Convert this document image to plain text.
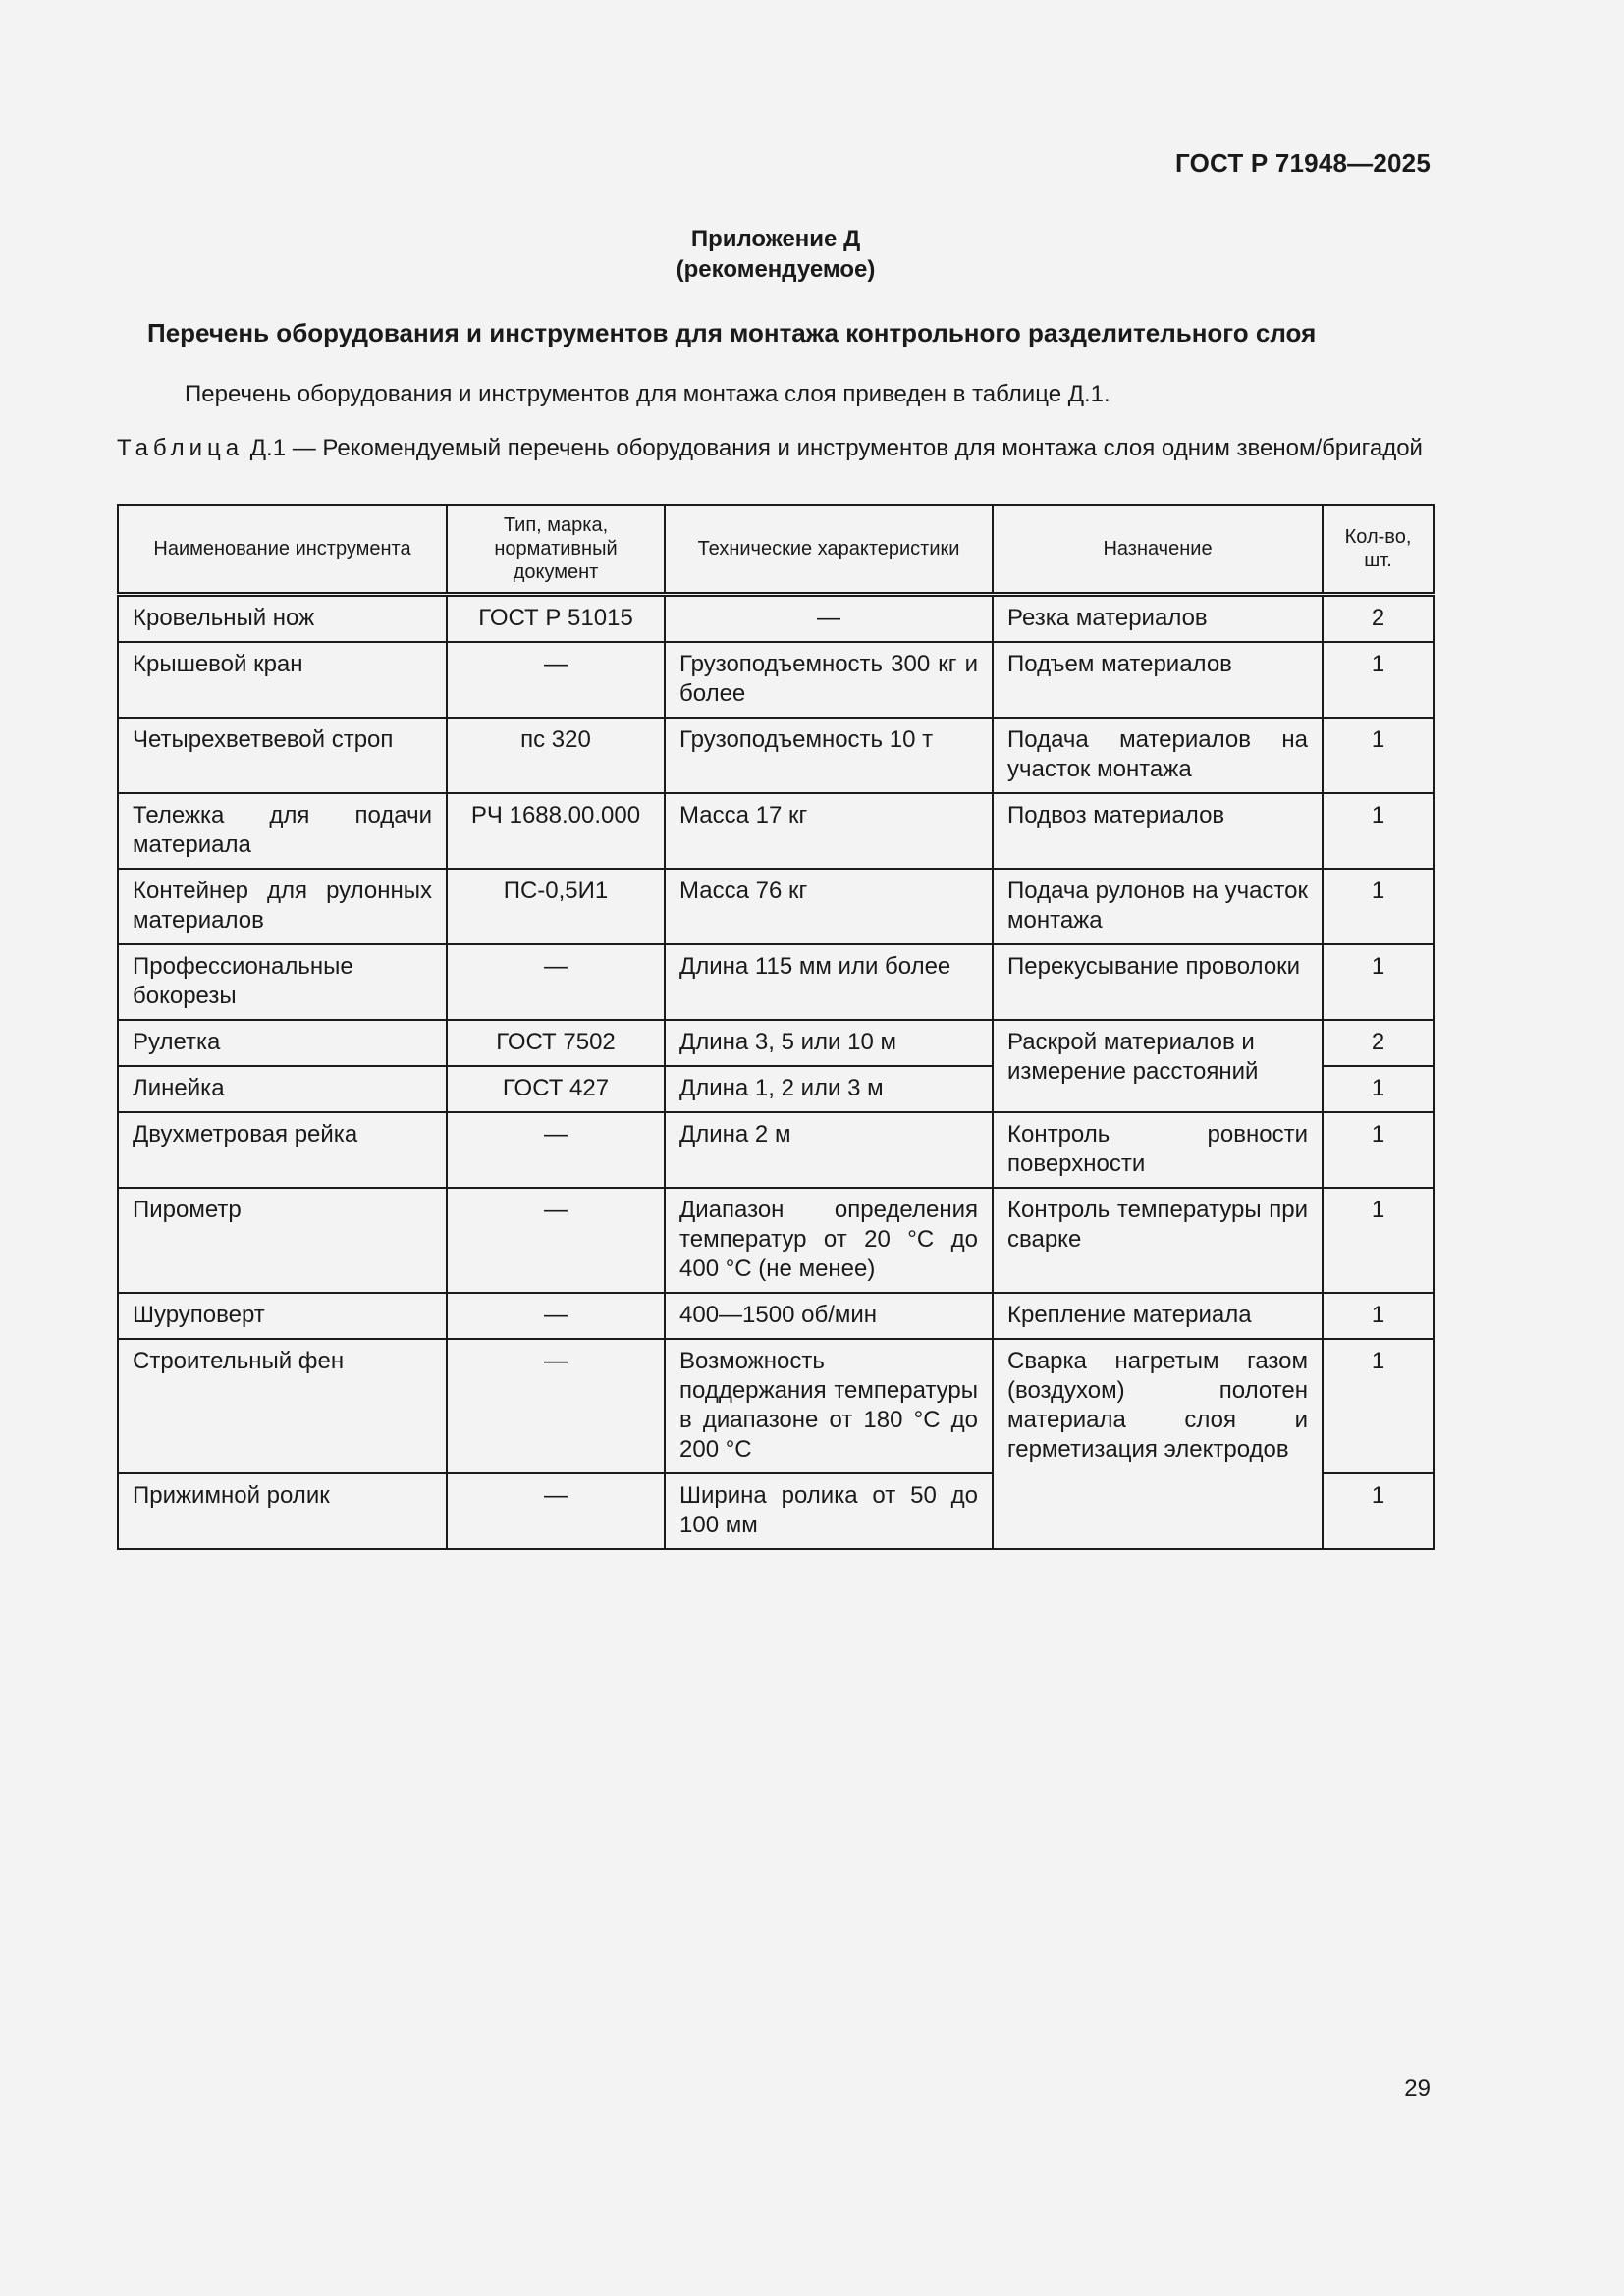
ГОСТ Р 71948—2025
Приложение Д
(рекомендуемое)
Перечень оборудования и инструментов для монтажа контрольного разделительного слоя
Перечень оборудования и инструментов для монтажа слоя приведен в таблице Д.1.
Таблица Д.1 — Рекомендуемый перечень оборудования и инструментов для монтажа слоя одним звеном/бригадой
Наименование инструмента	Тип, марка, нормативный документ	Технические характеристики	Назначение	Кол-во, шт.
Кровельный нож	ГОСТ Р 51015	—	Резка материалов	2
Крышевой кран	—	Грузоподъемность 300 кг и более	Подъем материалов	1
Четырехветвевой строп	пс 320	Грузоподъемность 10 т	Подача материалов на участок монтажа	1
Тележка для подачи материала	РЧ 1688.00.000	Масса 17 кг	Подвоз материалов	1
Контейнер для рулонных материалов	ПС-0,5И1	Масса 76 кг	Подача рулонов на участок монтажа	1
Профессиональные бокорезы	—	Длина 115 мм или более	Перекусывание проволоки	1
Рулетка	ГОСТ 7502	Длина 3, 5 или 10 м	Раскрой материалов и измерение расстояний	2
Линейка	ГОСТ 427	Длина 1, 2 или 3 м		1
Двухметровая рейка	—	Длина 2 м	Контроль ровности поверхности	1
Пирометр	—	Диапазон определения температур от 20 °С до 400 °С (не менее)	Контроль температуры при сварке	1
Шуруповерт	—	400—1500 об/мин	Крепление материала	1
Строительный фен	—	Возможность поддержания температуры в диапазоне от 180 °С до 200 °С	Сварка нагретым газом (воздухом) полотен материала слоя и герметизация электродов	1
Прижимной ролик	—	Ширина ролика от 50 до 100 мм		1
29
